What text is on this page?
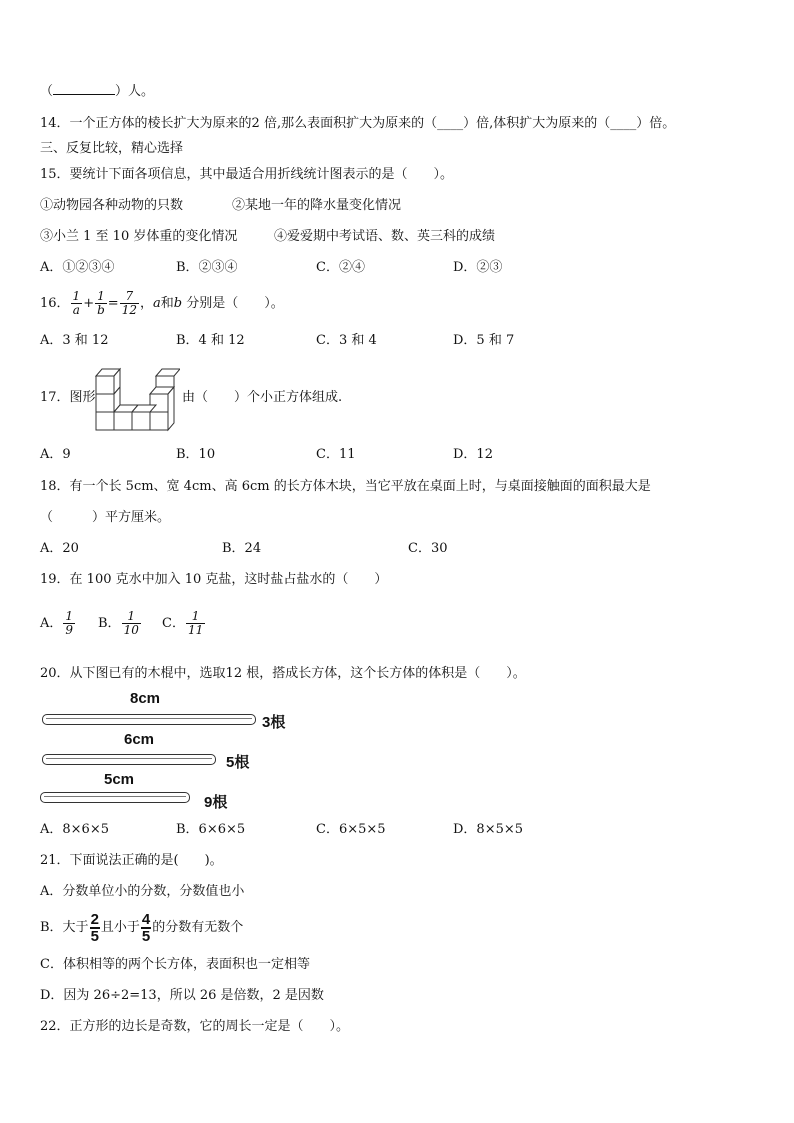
（	）人。
14．一个正方体的棱长扩大为原来的2 倍,那么表面积扩大为原来的（____）倍,体积扩大为原来的（____）倍。
三、反复比较，精心选择
15．要统计下面各项信息，其中最适合用折线统计图表示的是（　　）。
①动物园各种动物的只数	②某地一年的降水量变化情况
③小兰 1 至 10 岁体重的变化情况	④爱爱期中考试语、数、英三科的成绩
A．①②③④	B．②③④	C．②④	D．②③
16． $\frac{1}{a} + \frac{1}{b} = \frac{7}{12}$ ，a和b 分别是（　　）。
A．3 和 12	B．4 和 12	C．3 和 4	D．5 和 7
17．图形	由（　　）个小正方体组成.
A．9	B．10	C．11	D．12
18．有一个长 5cm、宽 4cm、高 6cm 的长方体木块，当它平放在桌面上时，与桌面接触面的面积最大是
（　　　）平方厘米。
A．20	B．24	C．30
19．在 100 克水中加入 10 克盐，这时盐占盐水的（　　）
A． $\frac{1}{9}$ B． $\frac{1}{10}$ C． $\frac{1}{11}$
20．从下图已有的木棍中，选取12 根，搭成长方体，这个长方体的体积是（　　）。
8cm
3根
6cm
5根
5cm
9根
A．8×6×5	B．6×6×5	C．6×5×5	D．8×5×5
21．下面说法正确的是(　　)。
A．分数单位小的分数，分数值也小
B．大于 $\frac{2}{5}$ 且小于 $\frac{4}{5}$ 的分数有无数个
C．体积相等的两个长方体，表面积也一定相等
D．因为 26÷2=13，所以 26 是倍数，2 是因数
22．正方形的边长是奇数，它的周长一定是（　　）。
